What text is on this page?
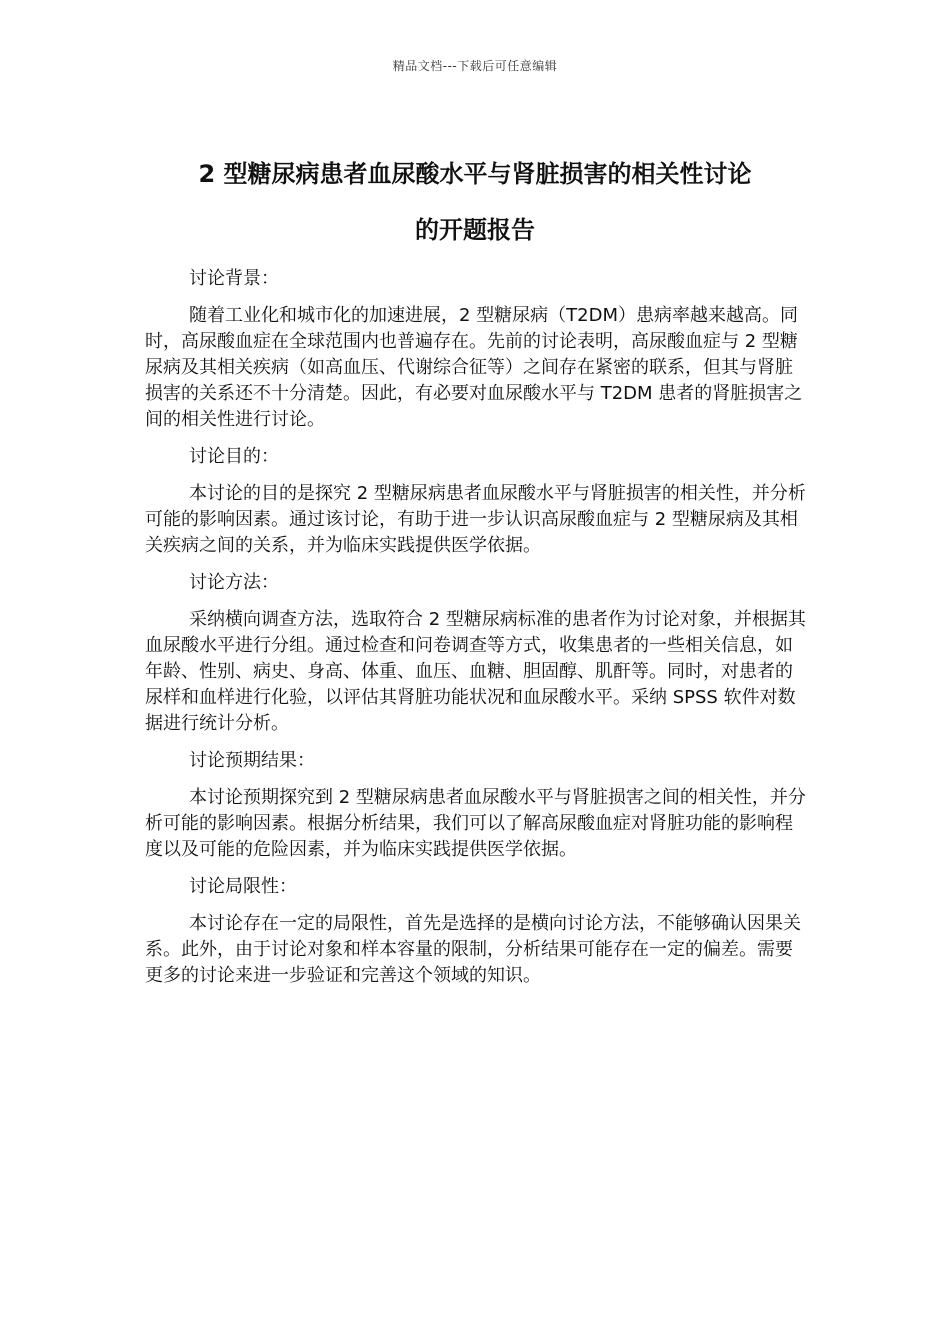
精品文档---下载后可任意编辑
2 型糖尿病患者血尿酸水平与肾脏损害的相关性讨论
的开题报告

讨论背景：

随着工业化和城市化的加速进展，2 型糖尿病（T2DM）患病率越来越高。同时，高尿酸血症在全球范围内也普遍存在。先前的讨论表明，高尿酸血症与 2 型糖尿病及其相关疾病（如高血压、代谢综合征等）之间存在紧密的联系，但其与肾脏损害的关系还不十分清楚。因此，有必要对血尿酸水平与 T2DM 患者的肾脏损害之间的相关性进行讨论。

讨论目的：

本讨论的目的是探究 2 型糖尿病患者血尿酸水平与肾脏损害的相关性，并分析可能的影响因素。通过该讨论，有助于进一步认识高尿酸血症与 2 型糖尿病及其相关疾病之间的关系，并为临床实践提供医学依据。

讨论方法：

采纳横向调查方法，选取符合 2 型糖尿病标准的患者作为讨论对象，并根据其血尿酸水平进行分组。通过检查和问卷调查等方式，收集患者的一些相关信息，如年龄、性别、病史、身高、体重、血压、血糖、胆固醇、肌酐等。同时，对患者的尿样和血样进行化验，以评估其肾脏功能状况和血尿酸水平。采纳 SPSS 软件对数据进行统计分析。

讨论预期结果：

本讨论预期探究到 2 型糖尿病患者血尿酸水平与肾脏损害之间的相关性，并分析可能的影响因素。根据分析结果，我们可以了解高尿酸血症对肾脏功能的影响程度以及可能的危险因素，并为临床实践提供医学依据。

讨论局限性：

本讨论存在一定的局限性，首先是选择的是横向讨论方法，不能够确认因果关系。此外，由于讨论对象和样本容量的限制，分析结果可能存在一定的偏差。需要更多的讨论来进一步验证和完善这个领域的知识。
